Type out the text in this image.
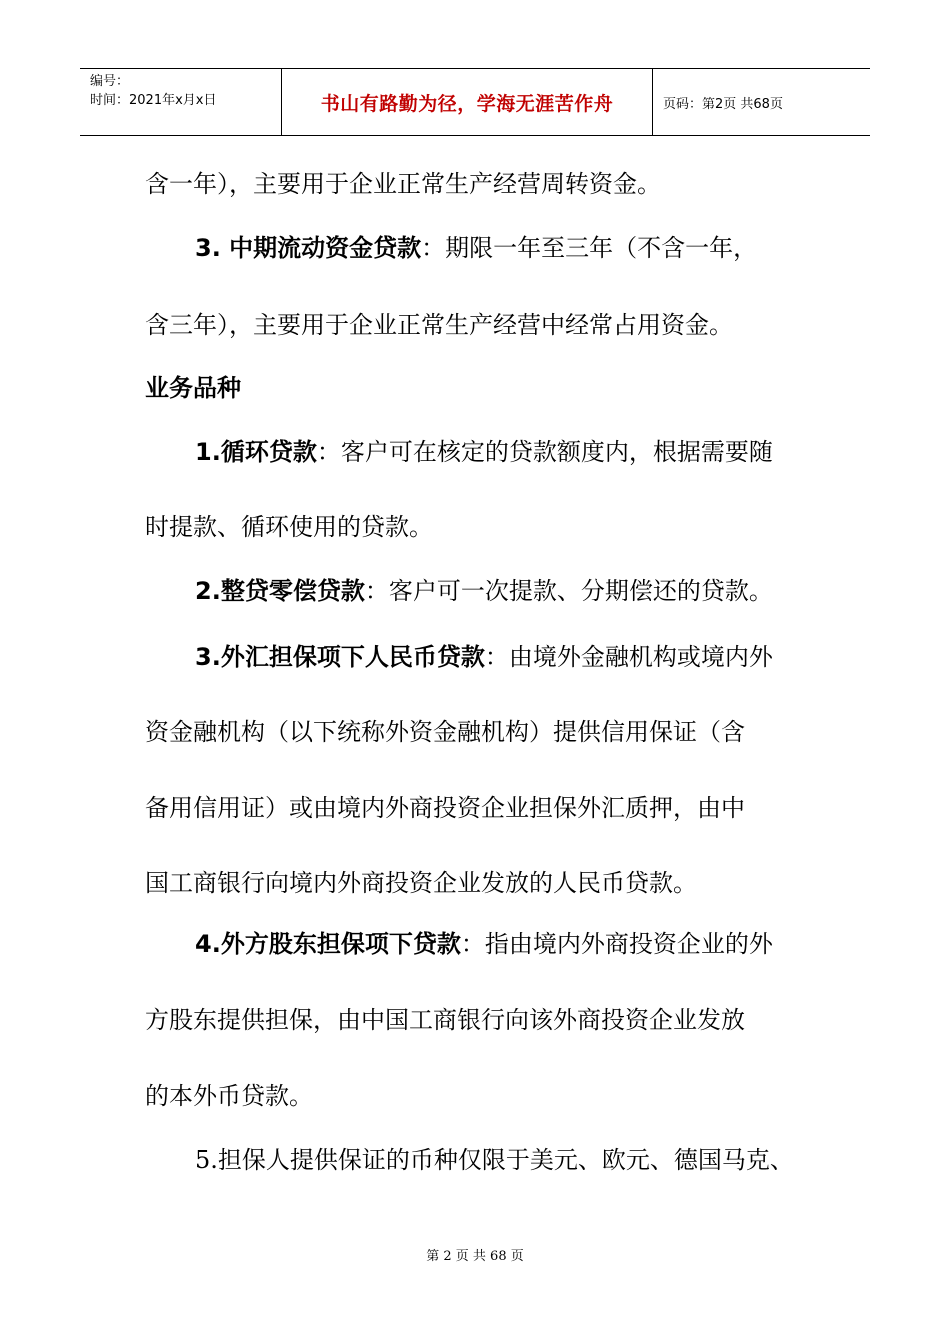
编号：
时间：2021年x月x日	书山有路勤为径，学海无涯苦作舟	页码：第2页 共68页
含一年），主要用于企业正常生产经营周转资金。
3. 中期流动资金贷款：期限一年至三年（不含一年，
含三年），主要用于企业正常生产经营中经常占用资金。
业务品种
1.循环贷款：客户可在核定的贷款额度内，根据需要随
时提款、循环使用的贷款。
2.整贷零偿贷款：客户可一次提款、分期偿还的贷款。
3.外汇担保项下人民币贷款：由境外金融机构或境内外
资金融机构（以下统称外资金融机构）提供信用保证（含
备用信用证）或由境内外商投资企业担保外汇质押，由中
国工商银行向境内外商投资企业发放的人民币贷款。
4.外方股东担保项下贷款：指由境内外商投资企业的外
方股东提供担保，由中国工商银行向该外商投资企业发放
的本外币贷款。
5.担保人提供保证的币种仅限于美元、欧元、德国马克、
第 2 页 共 68 页
